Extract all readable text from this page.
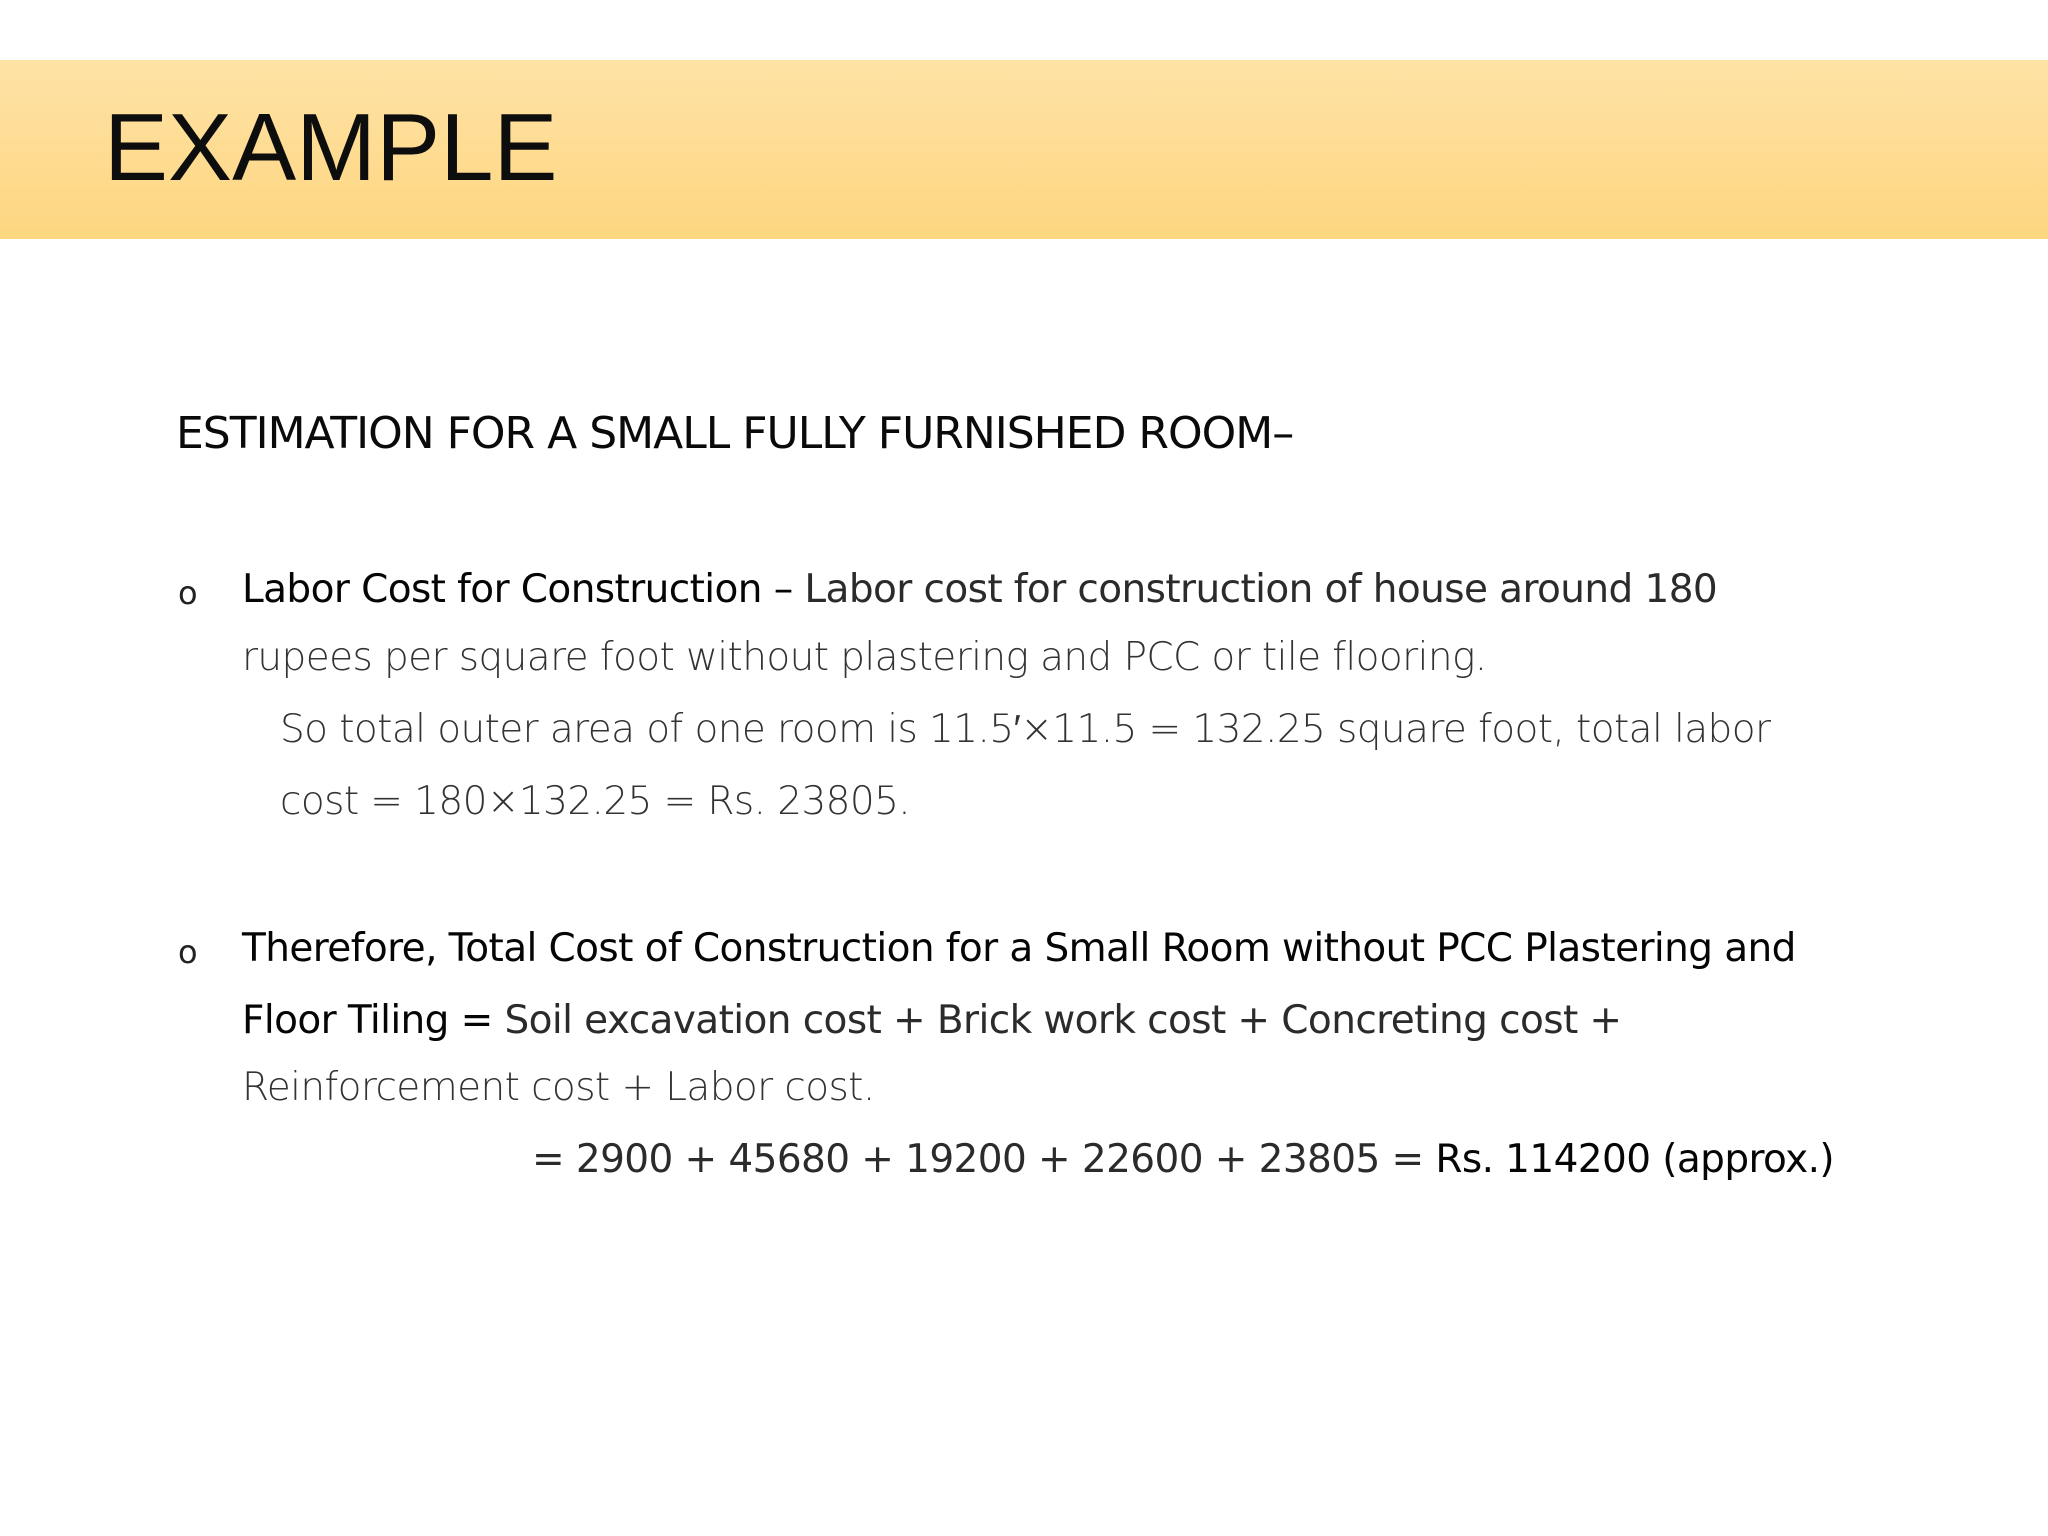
EXAMPLE
ESTIMATION FOR A SMALL FULLY FURNISHED ROOM–
o Labor Cost for Construction – Labor cost for construction of house around 180
rupees per square foot without plastering and PCC or tile flooring.
So total outer area of one room is 11.5′×11.5 = 132.25 square foot, total labor
cost = 180×132.25 = Rs. 23805.
o Therefore, Total Cost of Construction for a Small Room without PCC Plastering and
Floor Tiling = Soil excavation cost + Brick work cost + Concreting cost +
Reinforcement cost + Labor cost.
= 2900 + 45680 + 19200 + 22600 + 23805 = Rs. 114200 (approx.)
